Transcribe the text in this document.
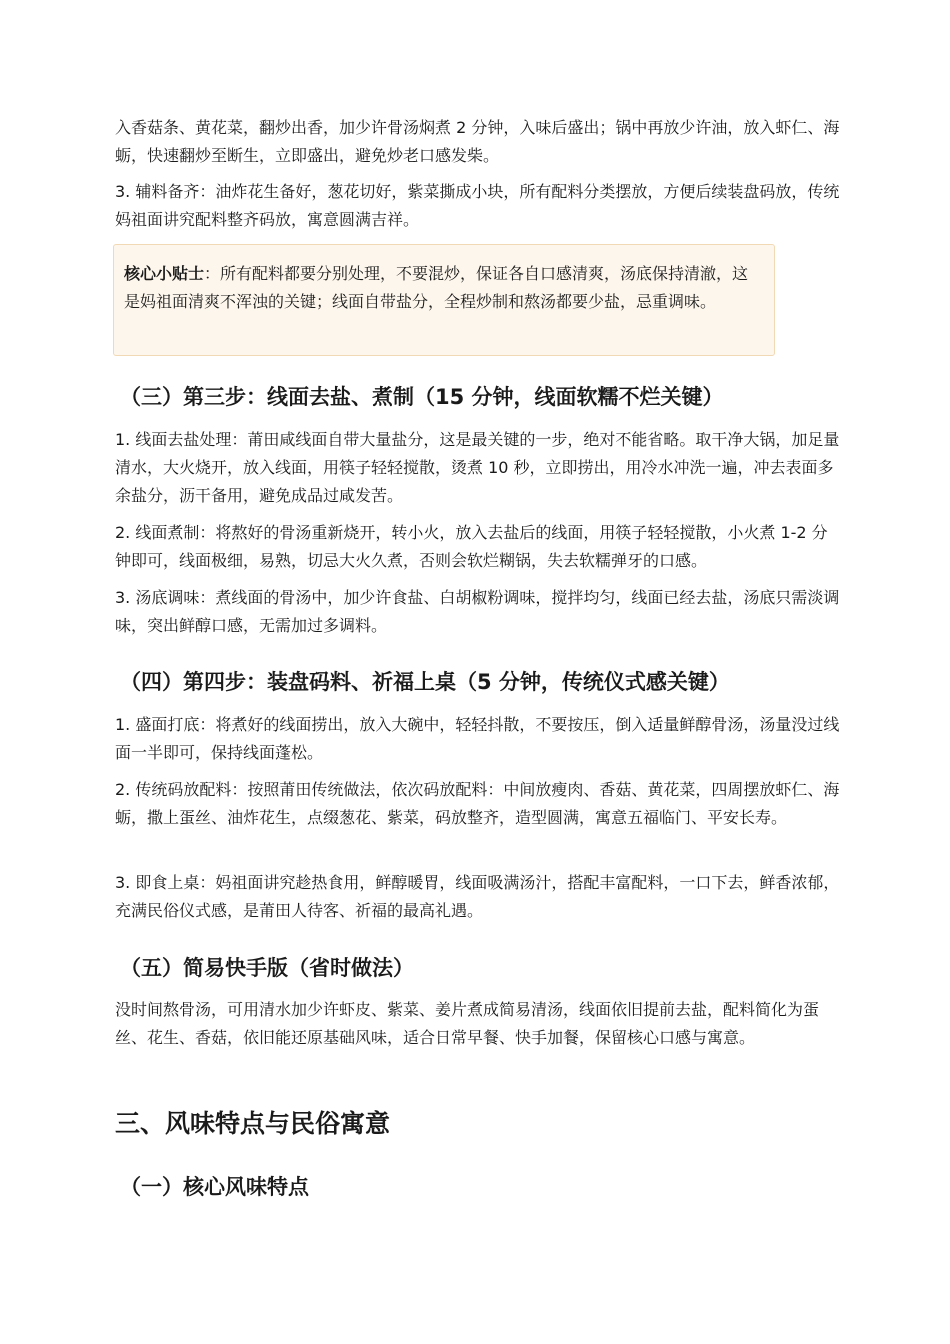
入香菇条、黄花菜，翻炒出香，加少许骨汤焖煮 2 分钟，入味后盛出；锅中再放少许油，放入虾仁、海蛎，快速翻炒至断生，立即盛出，避免炒老口感发柴。

3. 辅料备齐：油炸花生备好，葱花切好，紫菜撕成小块，所有配料分类摆放，方便后续装盘码放，传统妈祖面讲究配料整齐码放，寓意圆满吉祥。

核心小贴士：所有配料都要分别处理，不要混炒，保证各自口感清爽，汤底保持清澈，这是妈祖面清爽不浑浊的关键；线面自带盐分，全程炒制和熬汤都要少盐，忌重调味。
（三）第三步：线面去盐、煮制（15 分钟，线面软糯不烂关键）

1. 线面去盐处理：莆田咸线面自带大量盐分，这是最关键的一步，绝对不能省略。取干净大锅，加足量清水，大火烧开，放入线面，用筷子轻轻搅散，烫煮 10 秒，立即捞出，用冷水冲洗一遍，冲去表面多余盐分，沥干备用，避免成品过咸发苦。

2. 线面煮制：将熬好的骨汤重新烧开，转小火，放入去盐后的线面，用筷子轻轻搅散，小火煮 1-2 分钟即可，线面极细，易熟，切忌大火久煮，否则会软烂糊锅，失去软糯弹牙的口感。

3. 汤底调味：煮线面的骨汤中，加少许食盐、白胡椒粉调味，搅拌均匀，线面已经去盐，汤底只需淡调味，突出鲜醇口感，无需加过多调料。

（四）第四步：装盘码料、祈福上桌（5 分钟，传统仪式感关键）

1. 盛面打底：将煮好的线面捞出，放入大碗中，轻轻抖散，不要按压，倒入适量鲜醇骨汤，汤量没过线面一半即可，保持线面蓬松。

2. 传统码放配料：按照莆田传统做法，依次码放配料：中间放瘦肉、香菇、黄花菜，四周摆放虾仁、海蛎，撒上蛋丝、油炸花生，点缀葱花、紫菜，码放整齐，造型圆满，寓意五福临门、平安长寿。

3. 即食上桌：妈祖面讲究趁热食用，鲜醇暖胃，线面吸满汤汁，搭配丰富配料，一口下去，鲜香浓郁，充满民俗仪式感，是莆田人待客、祈福的最高礼遇。

（五）简易快手版（省时做法）

没时间熬骨汤，可用清水加少许虾皮、紫菜、姜片煮成简易清汤，线面依旧提前去盐，配料简化为蛋丝、花生、香菇，依旧能还原基础风味，适合日常早餐、快手加餐，保留核心口感与寓意。

三、风味特点与民俗寓意
（一）核心风味特点
